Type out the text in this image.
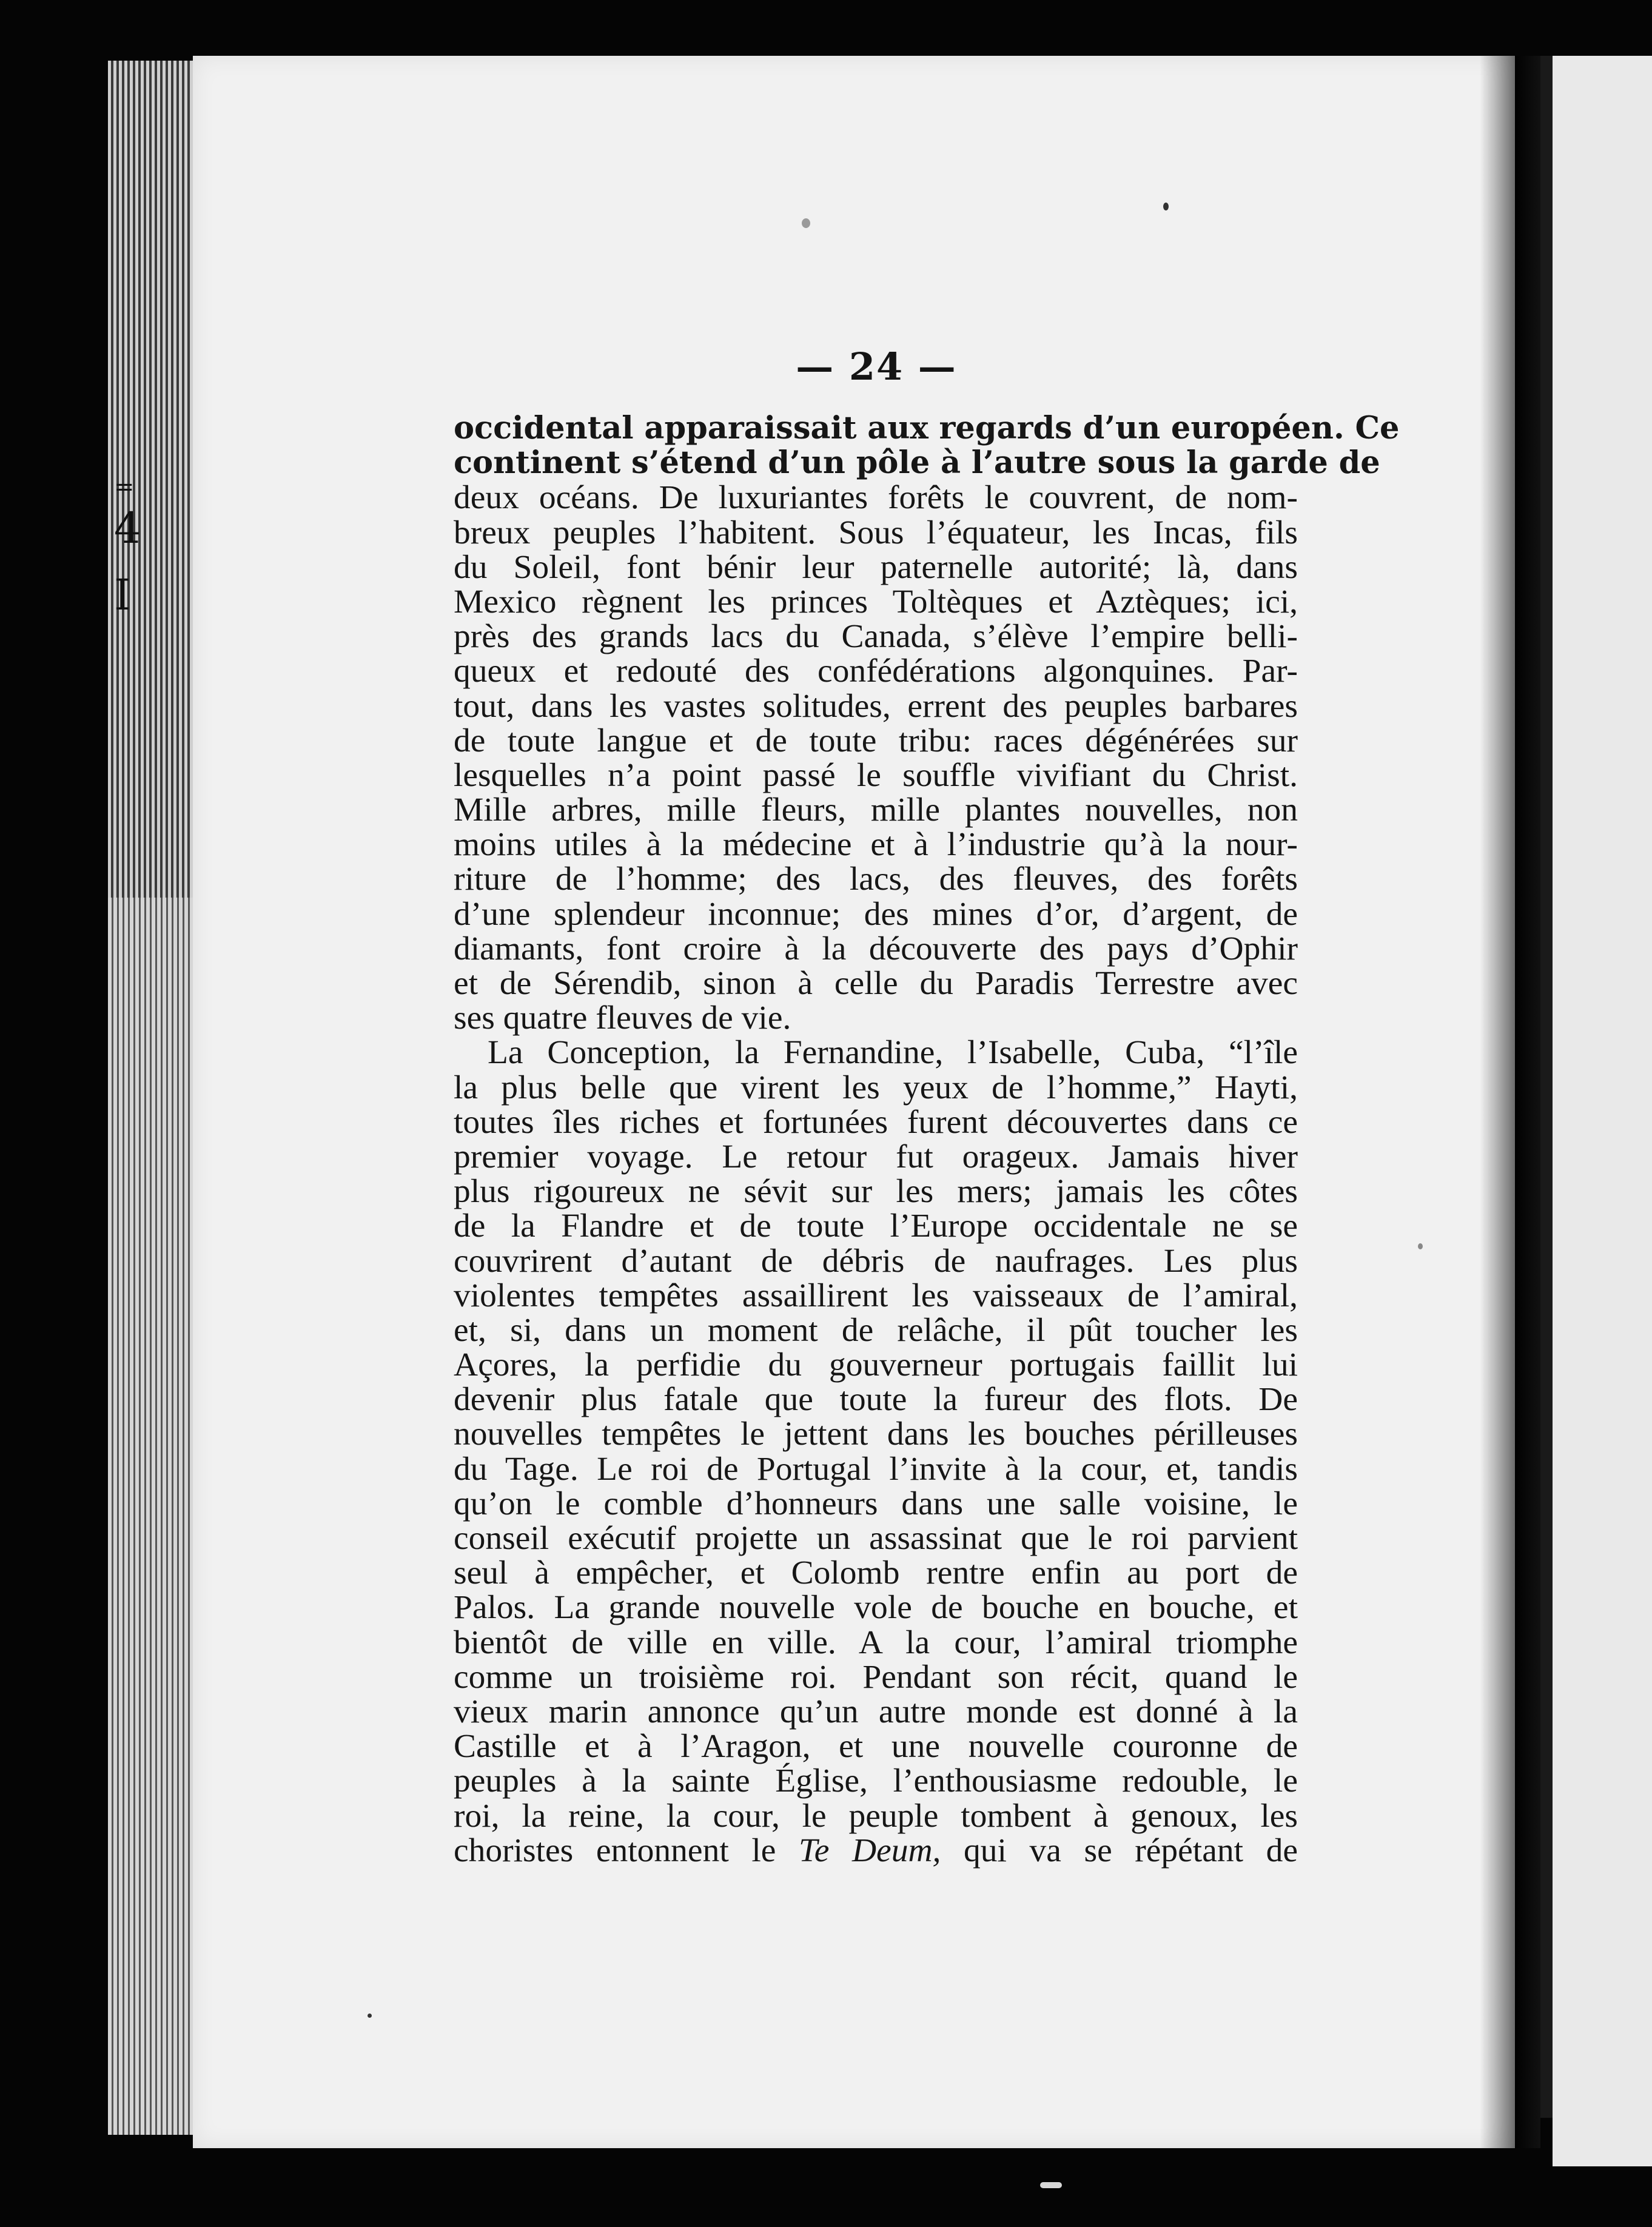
=
4
I
— 24 —
occidental apparaissait aux regards d’un européen. Ce
continent s’étend d’un pôle à l’autre sous la garde de
deux océans. De luxuriantes forêts le couvrent, de nom-
breux peuples l’habitent. Sous l’équateur, les Incas, fils
du Soleil, font bénir leur paternelle autorité; là, dans
Mexico règnent les princes Toltèques et Aztèques; ici,
près des grands lacs du Canada, s’élève l’empire belli-
queux et redouté des confédérations algonquines. Par-
tout, dans les vastes solitudes, errent des peuples barbares
de toute langue et de toute tribu: races dégénérées sur
lesquelles n’a point passé le souffle vivifiant du Christ.
Mille arbres, mille fleurs, mille plantes nouvelles, non
moins utiles à la médecine et à l’industrie qu’à la nour-
riture de l’homme; des lacs, des fleuves, des forêts
d’une splendeur inconnue; des mines d’or, d’argent, de
diamants, font croire à la découverte des pays d’Ophir
et de Sérendib, sinon à celle du Paradis Terrestre avec
ses quatre fleuves de vie.
La Conception, la Fernandine, l’Isabelle, Cuba, “l’île
la plus belle que virent les yeux de l’homme,” Hayti,
toutes îles riches et fortunées furent découvertes dans ce
premier voyage. Le retour fut orageux. Jamais hiver
plus rigoureux ne sévit sur les mers; jamais les côtes
de la Flandre et de toute l’Europe occidentale ne se
couvrirent d’autant de débris de naufrages. Les plus
violentes tempêtes assaillirent les vaisseaux de l’amiral,
et, si, dans un moment de relâche, il pût toucher les
Açores, la perfidie du gouverneur portugais faillit lui
devenir plus fatale que toute la fureur des flots. De
nouvelles tempêtes le jettent dans les bouches périlleuses
du Tage. Le roi de Portugal l’invite à la cour, et, tandis
qu’on le comble d’honneurs dans une salle voisine, le
conseil exécutif projette un assassinat que le roi parvient
seul à empêcher, et Colomb rentre enfin au port de
Palos. La grande nouvelle vole de bouche en bouche, et
bientôt de ville en ville. A la cour, l’amiral triomphe
comme un troisième roi. Pendant son récit, quand le
vieux marin annonce qu’un autre monde est donné à la
Castille et à l’Aragon, et une nouvelle couronne de
peuples à la sainte Église, l’enthousiasme redouble, le
roi, la reine, la cour, le peuple tombent à genoux, les
choristes entonnent le Te Deum, qui va se répétant de
